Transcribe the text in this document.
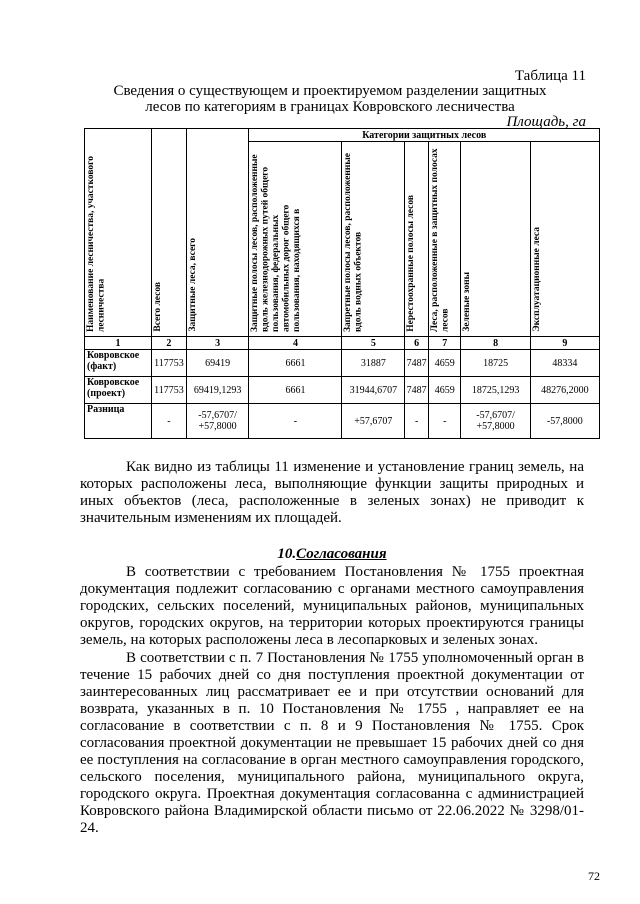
Таблица 11
Сведения о существующем и проектируемом разделении защитных
лесов по категориям в границах Ковровского лесничества
Площадь, га
Наименование лесничества, участкового лесничества	Всего лесов	Защитные леса, всего	Категории защитных лесов					

			Защитные полосы лесов, расположенные вдоль железнодорожных путей общего пользования, федеральных автомобильных дорог общего пользования, находящихся в	Запретные полосы лесов, расположенные вдоль водных объектов	Нерестоохранные полосы лесов	Леса, расположенные в защитных полосах лесов	Зеленые зоны	Эксплуатационные леса

1	2	3	4	5	6	7	8	9
Ковровское (факт)	117753	69419	6661	31887	7487	4659	18725	48334
Ковровское (проект)	117753	69419,1293	6661	31944,6707	7487	4659	18725,1293	48276,2000
Разница	-	-57,6707/ +57,8000	-	+57,6707	-	-	-57,6707/ +57,8000	-57,8000
Как видно из таблицы 11 изменение и установление границ земель, на которых расположены леса, выполняющие функции защиты природных и иных объектов (леса, расположенные в зеленых зонах) не приводит к значительным изменениям их площадей.
10.Согласования
В соответствии с требованием Постановления № 1755 проектная документация подлежит согласованию с органами местного самоуправления городских, сельских поселений, муниципальных районов, муниципальных округов, городских округов, на территории которых проектируются границы земель, на которых расположены леса в лесопарковых и зеленых зонах.
В соответствии с п. 7 Постановления № 1755 уполномоченный орган в течение 15 рабочих дней со дня поступления проектной документации от заинтересованных лиц рассматривает ее и при отсутствии оснований для возврата, указанных в п. 10 Постановления № 1755 , направляет ее на согласование в соответствии с п. 8 и 9 Постановления № 1755. Срок согласования проектной документации не превышает 15 рабочих дней со дня ее поступления на согласование в орган местного самоуправления городского, сельского поселения, муниципального района, муниципального округа, городского округа. Проектная документация согласованна с администрацией Ковровского района Владимирской области письмо от 22.06.2022 № 3298/01-24.
72
